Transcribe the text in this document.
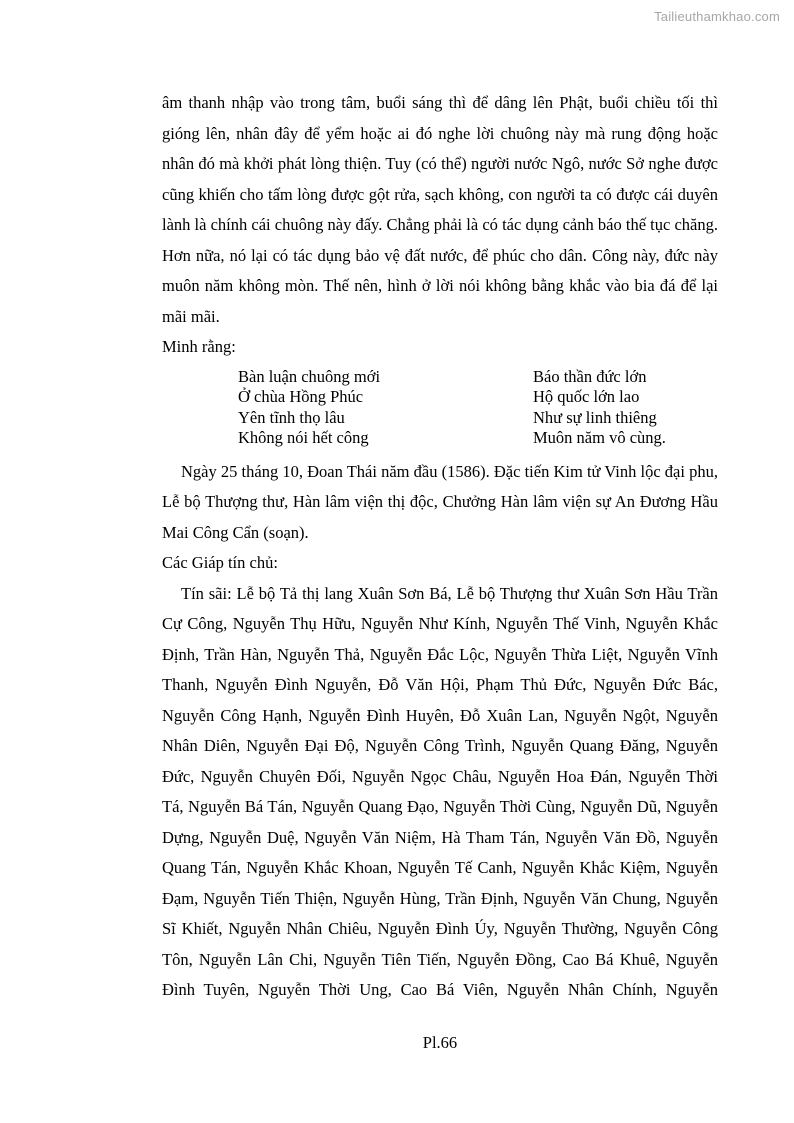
Tailieuthamkhao.com

âm thanh nhập vào trong tâm, buổi sáng thì để dâng lên Phật, buổi chiều tối thì gióng lên, nhân đây để yểm hoặc ai đó nghe lời chuông này mà rung động hoặc nhân đó mà khởi phát lòng thiện. Tuy (có thể) người nước Ngô, nước Sở nghe được cũng khiến cho tấm lòng được gột rửa, sạch không, con người ta có được cái duyên lành là chính cái chuông này đấy. Chẳng phải là có tác dụng cảnh báo thế tục chăng. Hơn nữa, nó lại có tác dụng bảo vệ đất nước, để phúc cho dân. Công này, đức này muôn năm không mòn. Thế nên, hình ở lời nói không bằng khắc vào bia đá để lại mãi mãi.

Minh rằng:

Bàn luận chuông mới
Ở chùa Hồng Phúc
Yên tĩnh thọ lâu
Không nói hết công
Báo thần đức lớn
Hộ quốc lớn lao
Như sự linh thiêng
Muôn năm vô cùng.

Ngày 25 tháng 10, Đoan Thái năm đầu (1586). Đặc tiến Kim tử Vinh lộc đại phu, Lễ bộ Thượng thư, Hàn lâm viện thị độc, Chưởng Hàn lâm viện sự An Đương Hầu Mai Công Cẩn (soạn).

Các Giáp tín chủ:

Tín sãi: Lễ bộ Tả thị lang Xuân Sơn Bá, Lễ bộ Thượng thư Xuân Sơn Hầu Trần Cự Công, Nguyễn Thụ Hữu, Nguyễn Như Kính, Nguyễn Thế Vinh, Nguyễn Khắc Định, Trần Hàn, Nguyễn Thả, Nguyễn Đắc Lộc, Nguyễn Thừa Liệt, Nguyễn Vĩnh Thanh, Nguyễn Đình Nguyễn, Đỗ Văn Hội, Phạm Thủ Đức, Nguyễn Đức Bác, Nguyễn Công Hạnh, Nguyễn Đình Huyên, Đỗ Xuân Lan, Nguyễn Ngột, Nguyễn Nhân Diên, Nguyễn Đại Độ, Nguyễn Công Trình, Nguyễn Quang Đăng, Nguyễn Đức, Nguyễn Chuyên Đối, Nguyễn Ngọc Châu, Nguyễn Hoa Đán, Nguyễn Thời Tá, Nguyễn Bá Tán, Nguyễn Quang Đạo, Nguyễn Thời Cùng, Nguyễn Dũ, Nguyễn Dựng, Nguyễn Duệ, Nguyễn Văn Niệm, Hà Tham Tán, Nguyễn Văn Đồ, Nguyễn Quang Tán, Nguyễn Khắc Khoan, Nguyễn Tế Canh, Nguyễn Khắc Kiệm, Nguyễn Đạm, Nguyễn Tiến Thiện, Nguyễn Hùng, Trần Định, Nguyễn Văn Chung, Nguyễn Sĩ Khiết, Nguyễn Nhân Chiêu, Nguyễn Đình Úy, Nguyễn Thường, Nguyễn Công Tôn, Nguyễn Lân Chi, Nguyễn Tiên Tiến, Nguyễn Đồng, Cao Bá Khuê, Nguyễn Đình Tuyên, Nguyễn Thời Ung, Cao Bá Viên, Nguyễn Nhân Chính, Nguyễn

Pl.66
